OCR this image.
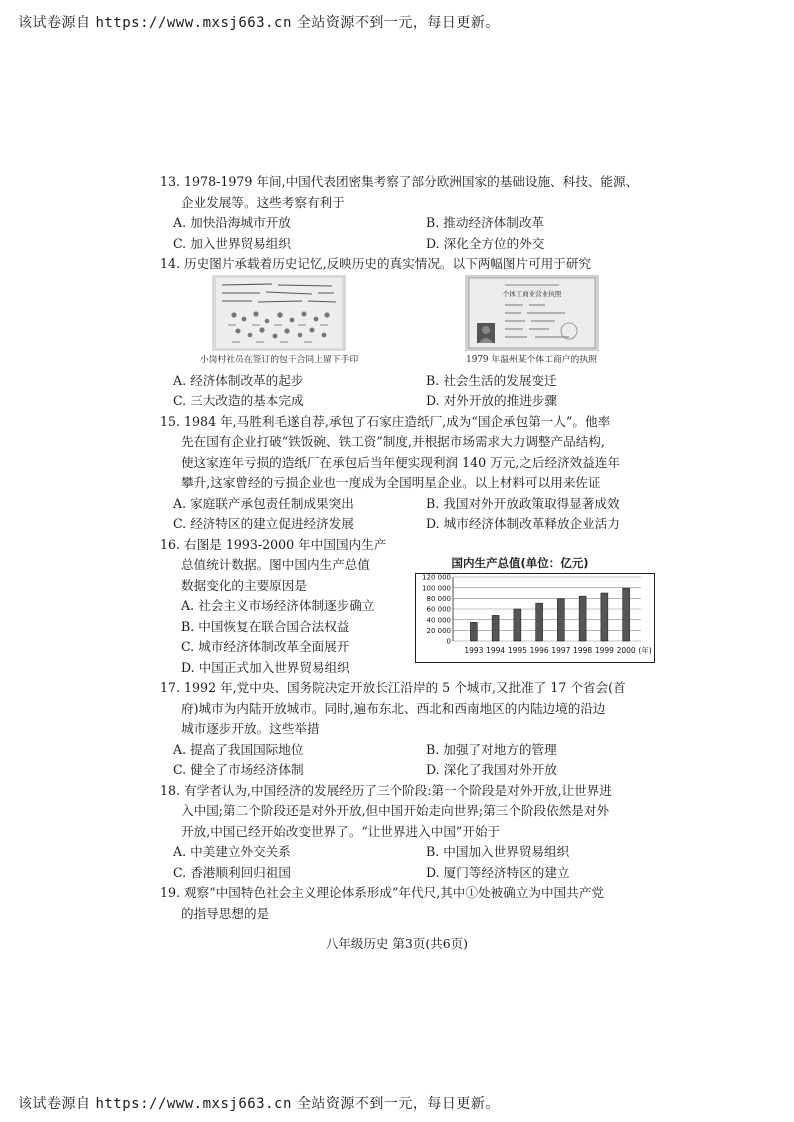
该试卷源自 https://www.mxsj663.cn 全站资源不到一元，每日更新。
13. 1978-1979 年间,中国代表团密集考察了部分欧洲国家的基础设施、科技、能源、
企业发展等。这些考察有利于
A. 加快沿海城市开放	B. 推动经济体制改革
C. 加入世界贸易组织	D. 深化全方位的外交
14. 历史图片承载着历史记忆,反映历史的真实情况。以下两幅图片可用于研究
小岗村社员在签订的包干合同上留下手印
个体工商业营业执照
1979 年温州某个体工商户的执照
A. 经济体制改革的起步	B. 社会生活的发展变迁
C. 三大改造的基本完成	D. 对外开放的推进步骤
15. 1984 年,马胜利毛遂自荐,承包了石家庄造纸厂,成为“国企承包第一人”。他率
先在国有企业打破“铁饭碗、铁工资”制度,并根据市场需求大力调整产品结构,
使这家连年亏损的造纸厂在承包后当年便实现利润 140 万元,之后经济效益连年
攀升,这家曾经的亏损企业也一度成为全国明星企业。以上材料可以用来佐证
A. 家庭联产承包责任制成果突出	B. 我国对外开放政策取得显著成效
C. 经济特区的建立促进经济发展	D. 城市经济体制改革释放企业活力
16. 右图是 1993-2000 年中国国内生产
总值统计数据。图中国内生产总值
数据变化的主要原因是
A. 社会主义市场经济体制逐步确立
B. 中国恢复在联合国合法权益
C. 城市经济体制改革全面展开
D. 中国正式加入世界贸易组织
国内生产总值(单位：亿元)
120 000
100 000
80 000
60 000
40 000
20 000
0
1993 1994 1995 1996 1997 1998 1999 2000 (年)
17. 1992 年,党中央、国务院决定开放长江沿岸的 5 个城市,又批准了 17 个省会(首
府)城市为内陆开放城市。同时,遍布东北、西北和西南地区的内陆边境的沿边
城市逐步开放。这些举措
A. 提高了我国国际地位	B. 加强了对地方的管理
C. 健全了市场经济体制	D. 深化了我国对外开放
18. 有学者认为,中国经济的发展经历了三个阶段:第一个阶段是对外开放,让世界进
入中国;第二个阶段还是对外开放,但中国开始走向世界;第三个阶段依然是对外
开放,中国已经开始改变世界了。“让世界进入中国”开始于
A. 中美建立外交关系	B. 中国加入世界贸易组织
C. 香港顺利回归祖国	D. 厦门等经济特区的建立
19. 观察“中国特色社会主义理论体系形成”年代尺,其中①处被确立为中国共产党
的指导思想的是
八年级历史 第3页(共6页)
该试卷源自 https://www.mxsj663.cn 全站资源不到一元，每日更新。
